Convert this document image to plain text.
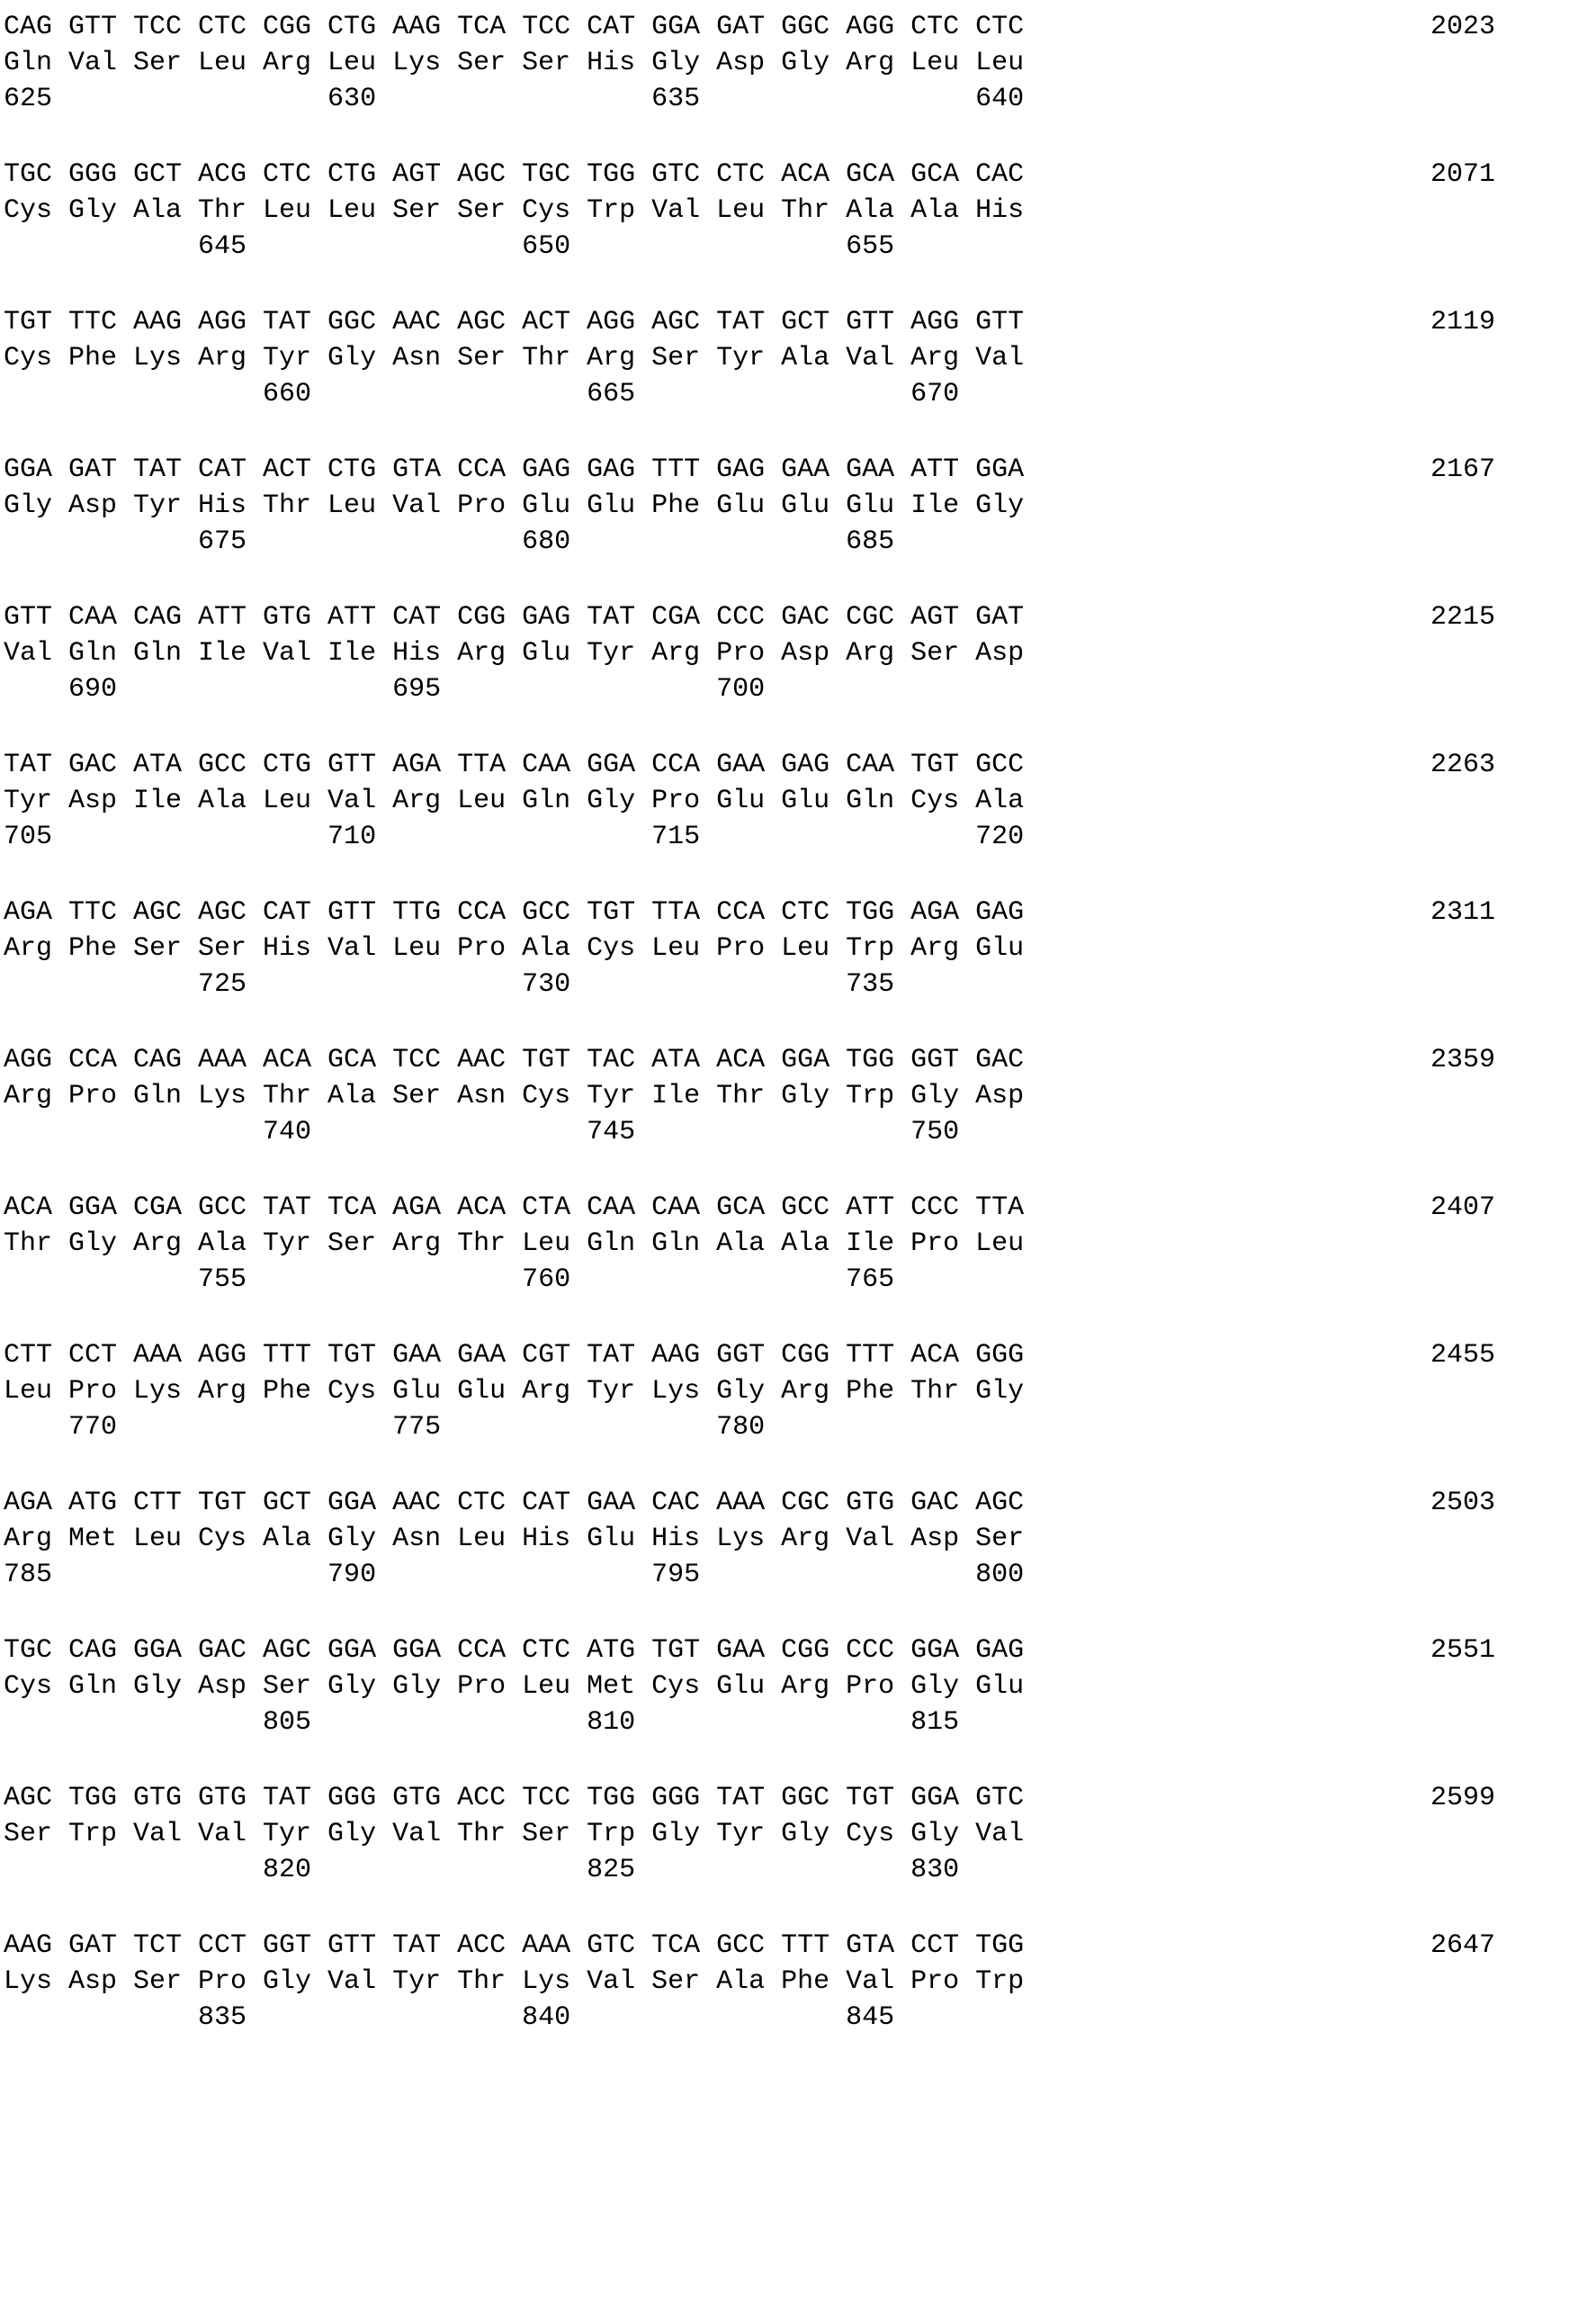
CAG GTT TCC CTC CGG CTG AAG TCA TCC CAT GGA GAT GGC AGG CTC CTC
Gln Val Ser Leu Arg Leu Lys Ser Ser His Gly Asp Gly Arg Leu Leu
625                 630                 635                 640
2023
TGC GGG GCT ACG CTC CTG AGT AGC TGC TGG GTC CTC ACA GCA GCA CAC
Cys Gly Ala Thr Leu Leu Ser Ser Cys Trp Val Leu Thr Ala Ala His
645                 650                 655
2071
TGT TTC AAG AGG TAT GGC AAC AGC ACT AGG AGC TAT GCT GTT AGG GTT
Cys Phe Lys Arg Tyr Gly Asn Ser Thr Arg Ser Tyr Ala Val Arg Val
660                 665                 670
2119
GGA GAT TAT CAT ACT CTG GTA CCA GAG GAG TTT GAG GAA GAA ATT GGA
Gly Asp Tyr His Thr Leu Val Pro Glu Glu Phe Glu Glu Glu Ile Gly
675                 680                 685
2167
GTT CAA CAG ATT GTG ATT CAT CGG GAG TAT CGA CCC GAC CGC AGT GAT
Val Gln Gln Ile Val Ile His Arg Glu Tyr Arg Pro Asp Arg Ser Asp
690                 695                 700
2215
TAT GAC ATA GCC CTG GTT AGA TTA CAA GGA CCA GAA GAG CAA TGT GCC
Tyr Asp Ile Ala Leu Val Arg Leu Gln Gly Pro Glu Glu Gln Cys Ala
705                 710                 715                 720
2263
AGA TTC AGC AGC CAT GTT TTG CCA GCC TGT TTA CCA CTC TGG AGA GAG
Arg Phe Ser Ser His Val Leu Pro Ala Cys Leu Pro Leu Trp Arg Glu
725                 730                 735
2311
AGG CCA CAG AAA ACA GCA TCC AAC TGT TAC ATA ACA GGA TGG GGT GAC
Arg Pro Gln Lys Thr Ala Ser Asn Cys Tyr Ile Thr Gly Trp Gly Asp
740                 745                 750
2359
ACA GGA CGA GCC TAT TCA AGA ACA CTA CAA CAA GCA GCC ATT CCC TTA
Thr Gly Arg Ala Tyr Ser Arg Thr Leu Gln Gln Ala Ala Ile Pro Leu
755                 760                 765
2407
CTT CCT AAA AGG TTT TGT GAA GAA CGT TAT AAG GGT CGG TTT ACA GGG
Leu Pro Lys Arg Phe Cys Glu Glu Arg Tyr Lys Gly Arg Phe Thr Gly
770                 775                 780
2455
AGA ATG CTT TGT GCT GGA AAC CTC CAT GAA CAC AAA CGC GTG GAC AGC
Arg Met Leu Cys Ala Gly Asn Leu His Glu His Lys Arg Val Asp Ser
785                 790                 795                 800
2503
TGC CAG GGA GAC AGC GGA GGA CCA CTC ATG TGT GAA CGG CCC GGA GAG
Cys Gln Gly Asp Ser Gly Gly Pro Leu Met Cys Glu Arg Pro Gly Glu
805                 810                 815
2551
AGC TGG GTG GTG TAT GGG GTG ACC TCC TGG GGG TAT GGC TGT GGA GTC
Ser Trp Val Val Tyr Gly Val Thr Ser Trp Gly Tyr Gly Cys Gly Val
820                 825                 830
2599
AAG GAT TCT CCT GGT GTT TAT ACC AAA GTC TCA GCC TTT GTA CCT TGG
Lys Asp Ser Pro Gly Val Tyr Thr Lys Val Ser Ala Phe Val Pro Trp
835                 840                 845
2647
